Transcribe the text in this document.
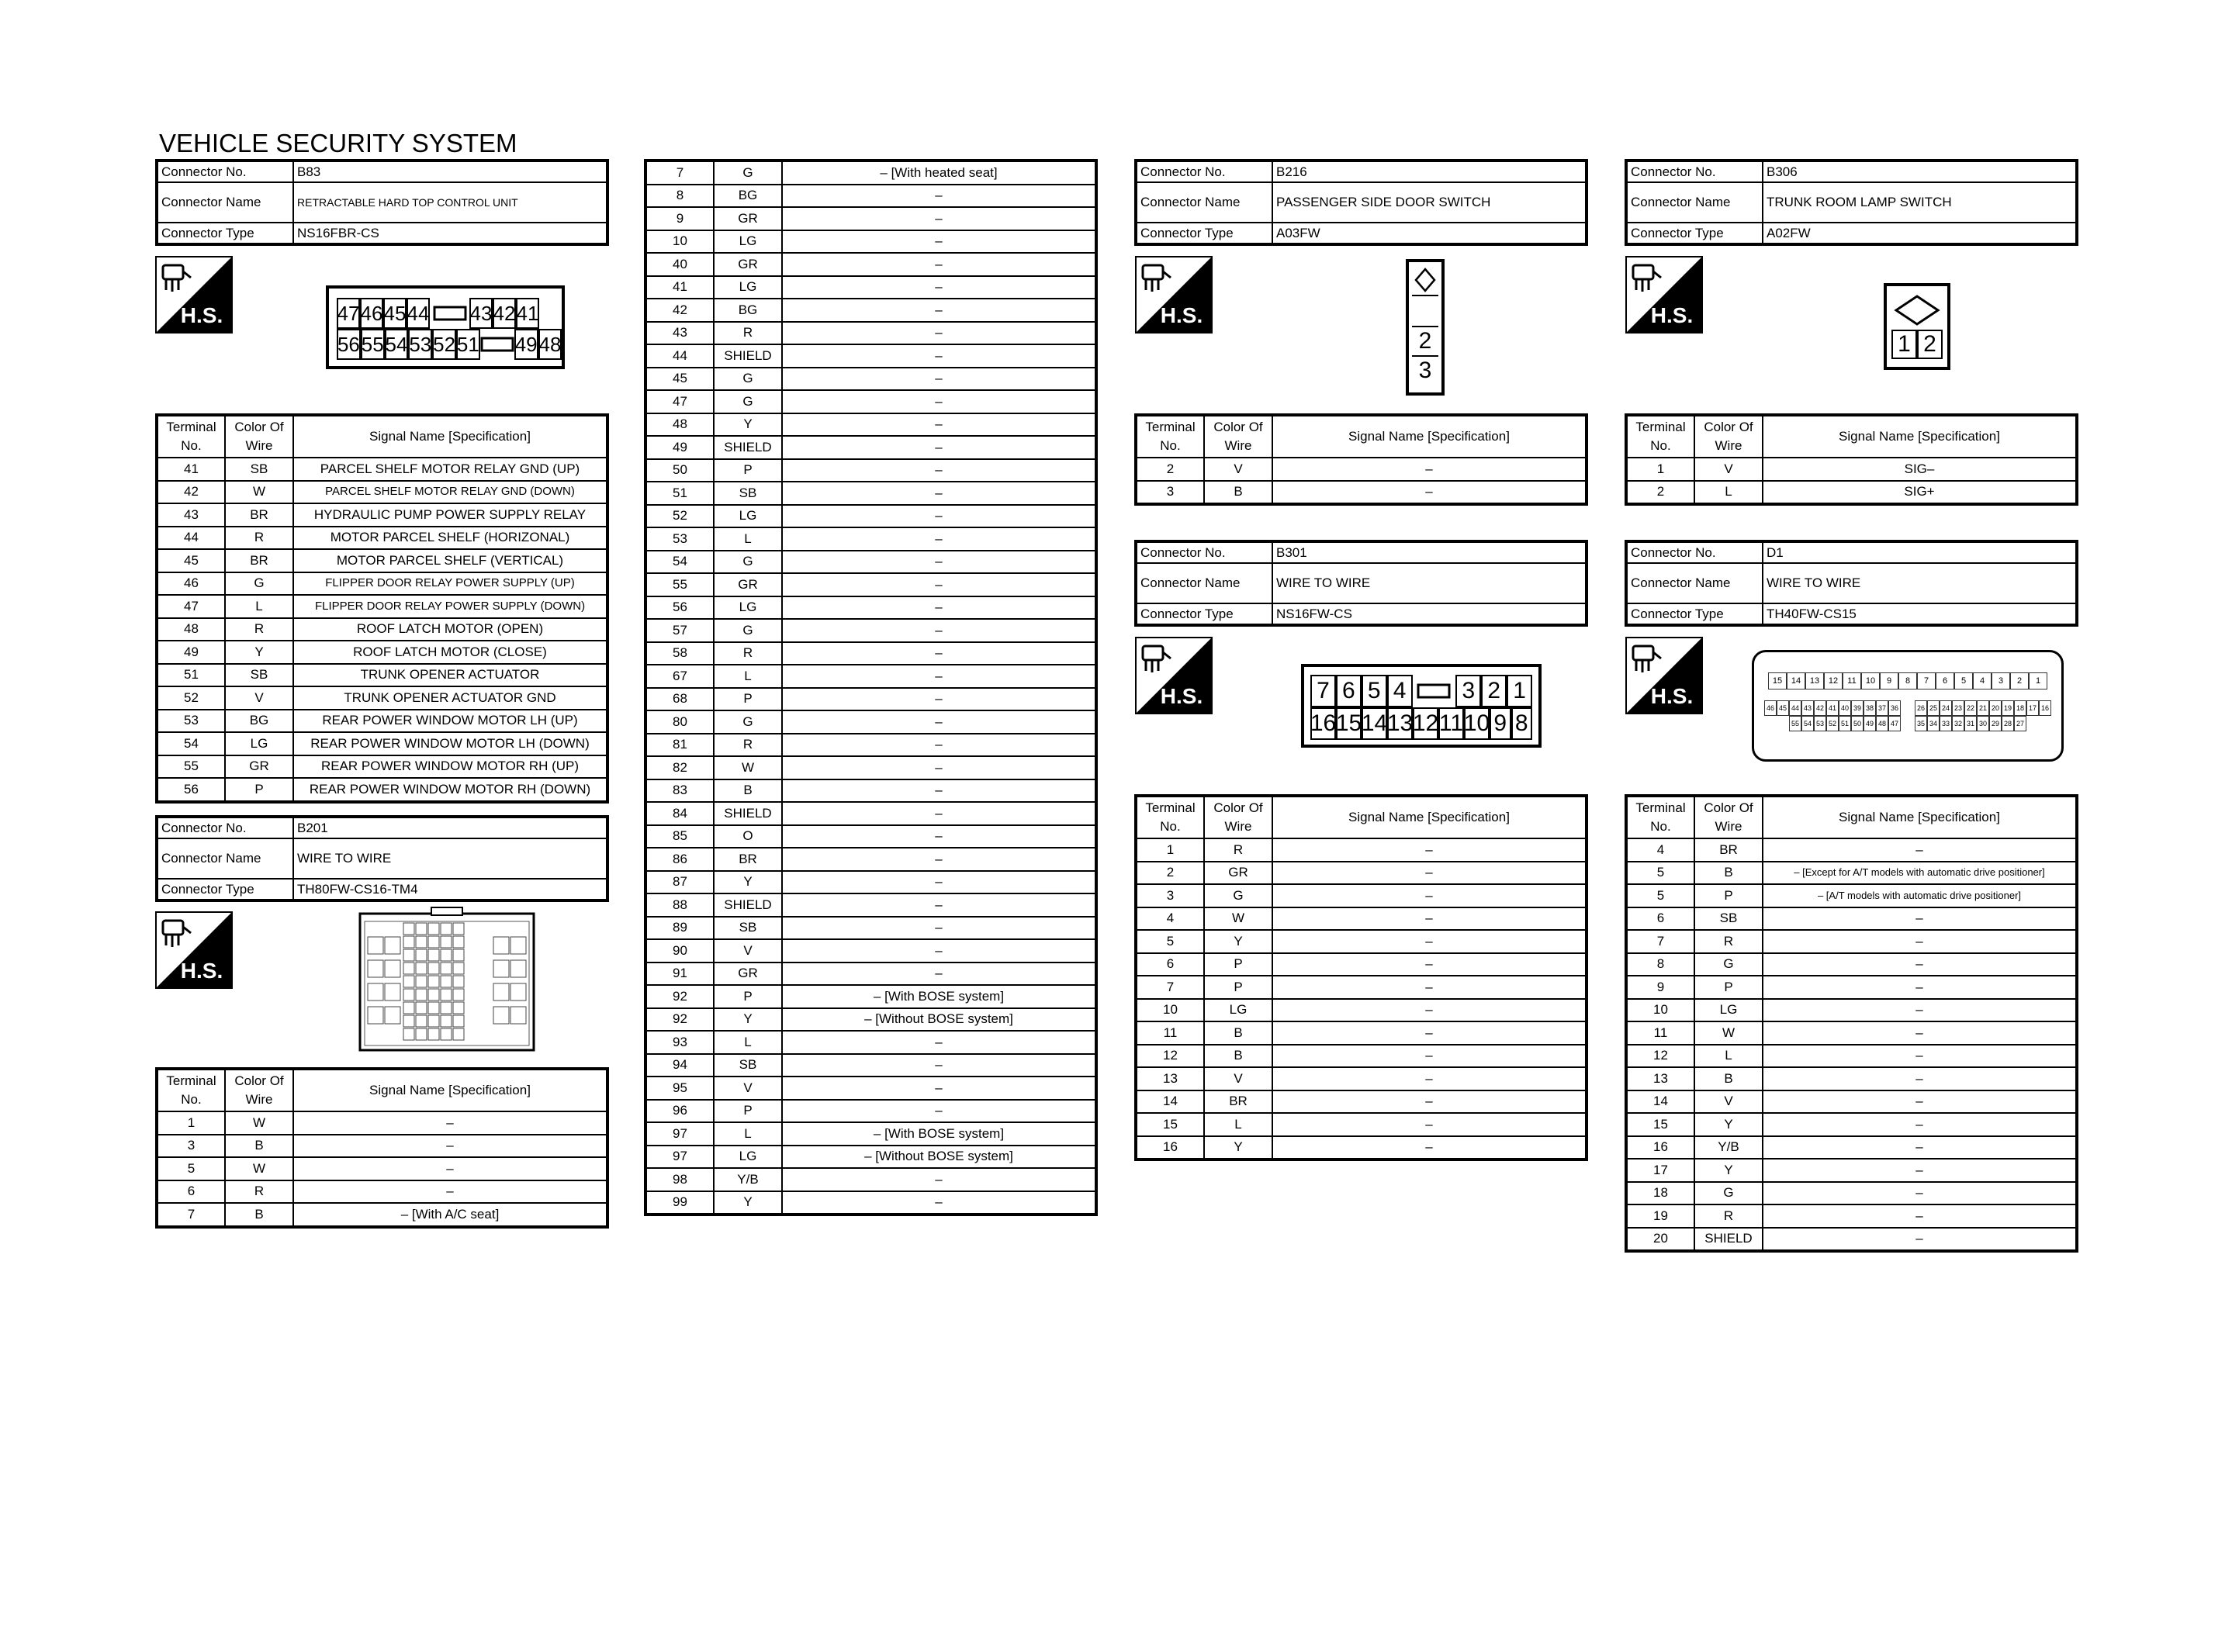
VEHICLE SECURITY SYSTEM
Connector No.	B83
Connector Name	RETRACTABLE HARD TOP CONTROL UNIT
Connector Type	NS16FBR-CS
H.S.	47 46 45 44 43 42 41
56 55 54 53 52 51 49 48
Terminal
No.	Color Of
Wire	Signal Name [Specification]
41	SB	PARCEL SHELF MOTOR RELAY GND (UP)
42	W	PARCEL SHELF MOTOR RELAY GND (DOWN)
43	BR	HYDRAULIC PUMP POWER SUPPLY RELAY
44	R	MOTOR PARCEL SHELF (HORIZONAL)
45	BR	MOTOR PARCEL SHELF (VERTICAL)
46	G	FLIPPER DOOR RELAY POWER SUPPLY (UP)
47	L	FLIPPER DOOR RELAY POWER SUPPLY (DOWN)
48	R	ROOF LATCH MOTOR (OPEN)
49	Y	ROOF LATCH MOTOR (CLOSE)
51	SB	TRUNK OPENER ACTUATOR
52	V	TRUNK OPENER ACTUATOR GND
53	BG	REAR POWER WINDOW MOTOR LH (UP)
54	LG	REAR POWER WINDOW MOTOR LH (DOWN)
55	GR	REAR POWER WINDOW MOTOR RH (UP)
56	P	REAR POWER WINDOW MOTOR RH (DOWN)
Connector No.	B201
Connector Name	WIRE TO WIRE
Connector Type	TH80FW-CS16-TM4
H.S.
Terminal
No.	Color Of
Wire	Signal Name [Specification]
1	W	–
3	B	–
5	W	–
6	R	–
7	B	– [With A/C seat]
7	G	– [With heated seat]
8	BG	–
9	GR	–
10	LG	–
40	GR	–
41	LG	–
42	BG	–
43	R	–
44	SHIELD	–
45	G	–
47	G	–
48	Y	–
49	SHIELD	–
50	P	–
51	SB	–
52	LG	–
53	L	–
54	G	–
55	GR	–
56	LG	–
57	G	–
58	R	–
67	L	–
68	P	–
80	G	–
81	R	–
82	W	–
83	B	–
84	SHIELD	–
85	O	–
86	BR	–
87	Y	–
88	SHIELD	–
89	SB	–
90	V	–
91	GR	–
92	P	– [With BOSE system]
92	Y	– [Without BOSE system]
93	L	–
94	SB	–
95	V	–
96	P	–
97	L	– [With BOSE system]
97	LG	– [Without BOSE system]
98	Y/B	–
99	Y	–
Connector No.	B216
Connector Name	PASSENGER SIDE DOOR SWITCH
Connector Type	A03FW
H.S.
2
3
Terminal
No.	Color Of
Wire	Signal Name [Specification]
2	V	–
3	B	–
Connector No.	B306
Connector Name	TRUNK ROOM LAMP SWITCH
Connector Type	A02FW
H.S.
1 2
Terminal
No.	Color Of
Wire	Signal Name [Specification]
1	V	SIG–
2	L	SIG+
Connector No.	B301
Connector Name	WIRE TO WIRE
Connector Type	NS16FW-CS
H.S.	7 6 5 4 3 2 1
16 15 14 13 12 11 10 9 8
Terminal
No.	Color Of
Wire	Signal Name [Specification]
1	R	–
2	GR	–
3	G	–
4	W	–
5	Y	–
6	P	–
7	P	–
10	LG	–
11	B	–
12	B	–
13	V	–
14	BR	–
15	L	–
16	Y	–
Connector No.	D1
Connector Name	WIRE TO WIRE
Connector Type	TH40FW-CS15
H.S.
15	14	13	12	11	10	9	8	7	6	5	4	3	2	1
46 45 44 43 42 41 40 39 38 37 36	26 25 24 23 22 21 20 19 18 17 16
55 54 53 52 51 50 49 48 47	35 34 33 32 31 30 29 28 27
Terminal
No.	Color Of
Wire	Signal Name [Specification]
4	BR	–
5	B	– [Except for A/T models with automatic drive positioner]
5	P	– [A/T models with automatic drive positioner]
6	SB	–
7	R	–
8	G	–
9	P	–
10	LG	–
11	W	–
12	L	–
13	B	–
14	V	–
15	Y	–
16	Y/B	–
17	Y	–
18	G	–
19	R	–
20	SHIELD	–
